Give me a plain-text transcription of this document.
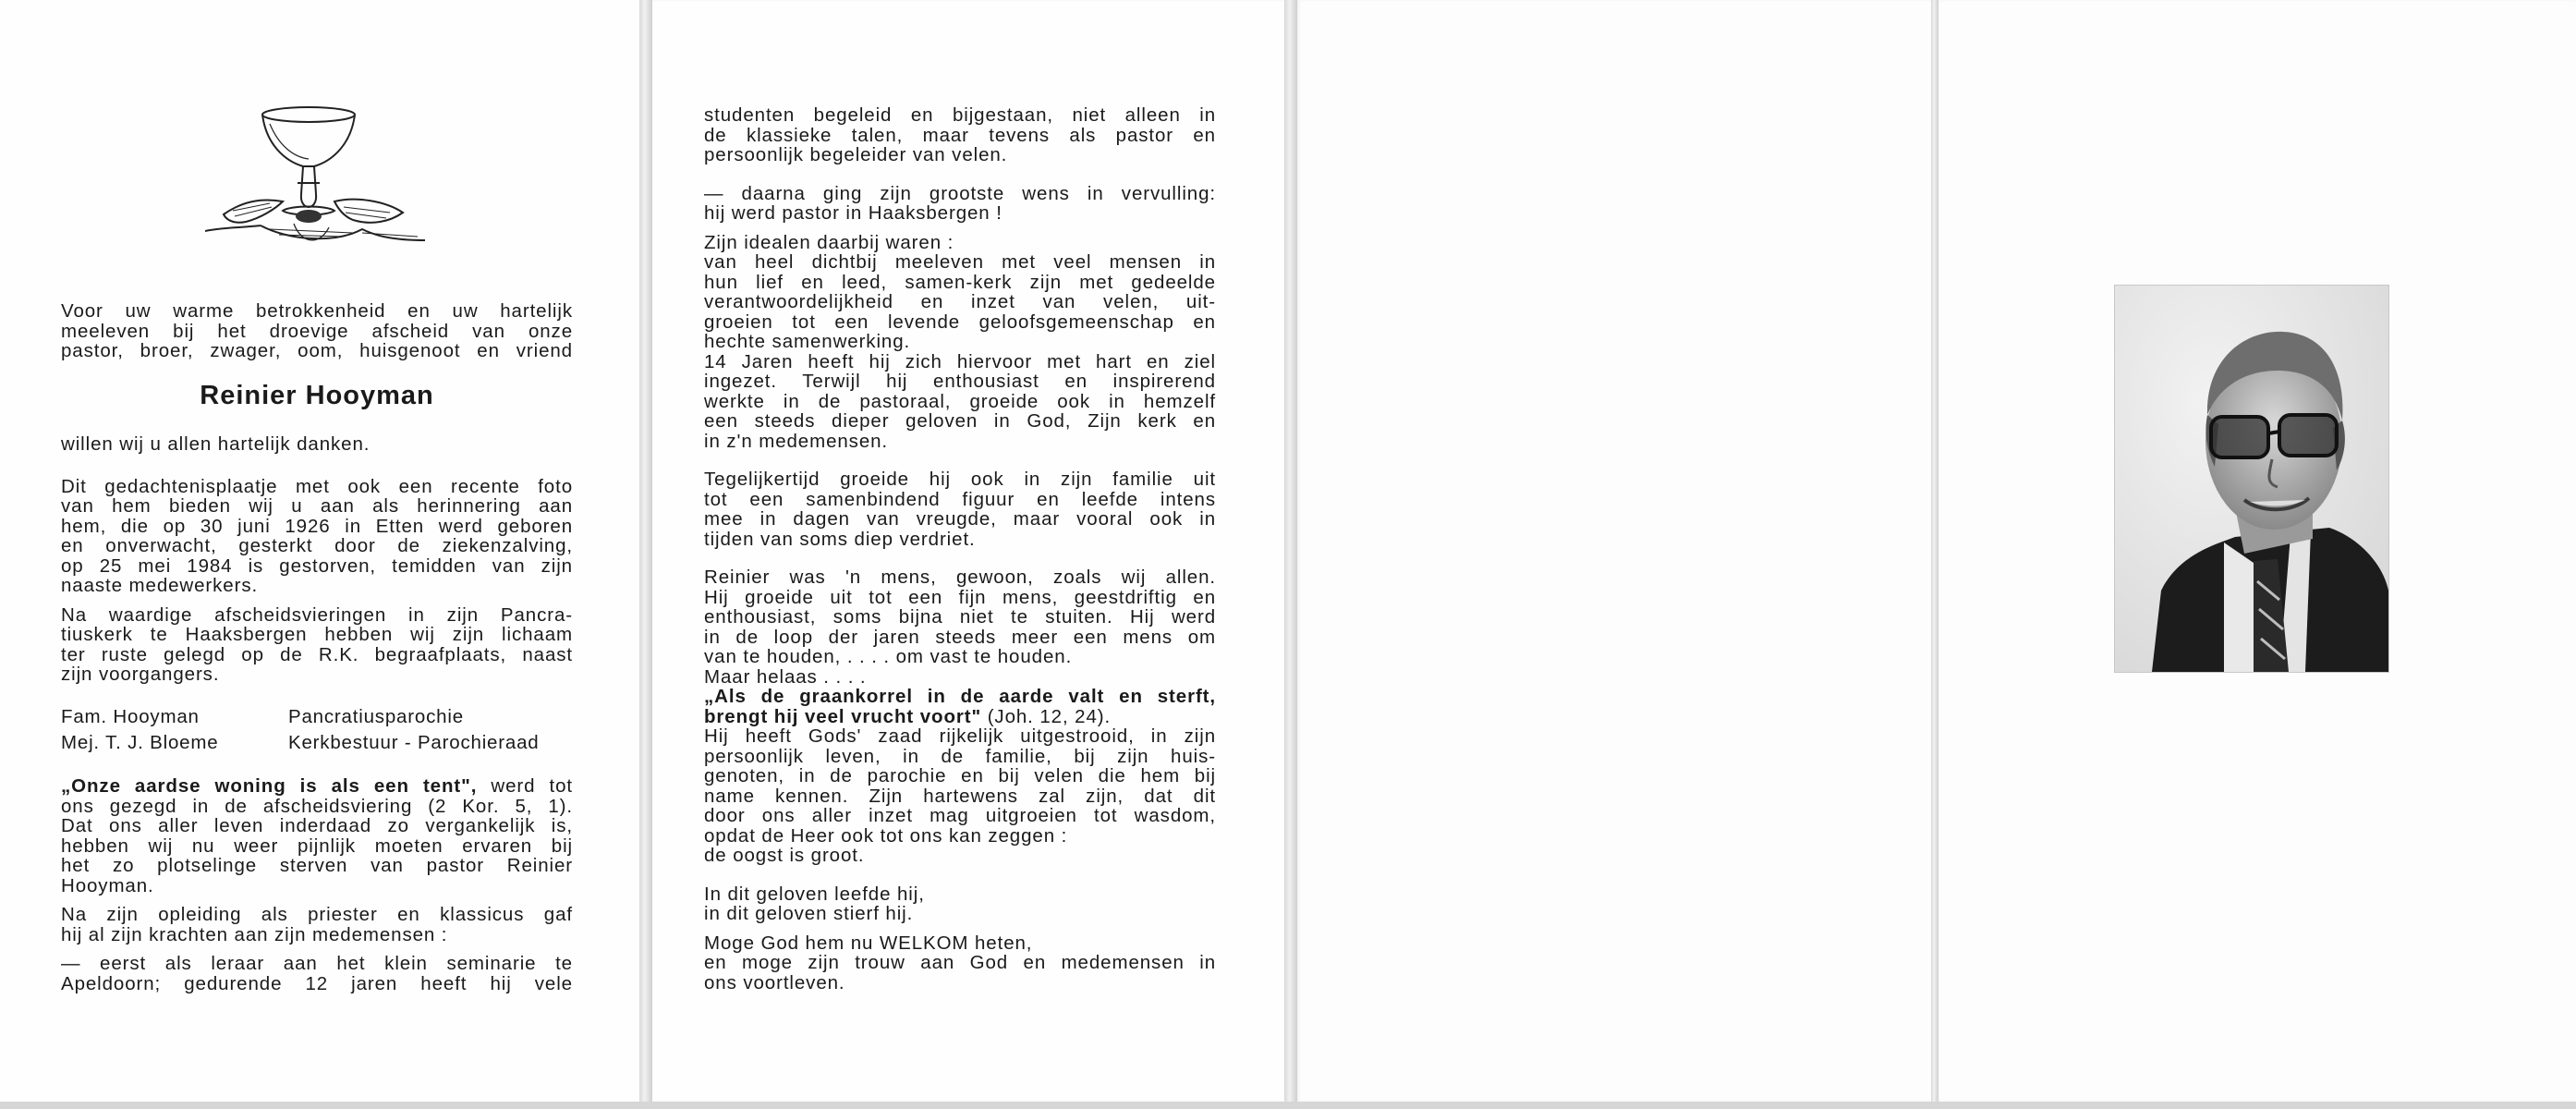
Voor uw warme betrokkenheid en uw hartelijk

meeleven bij het droevige afscheid van onze

pastor, broer, zwager, oom, huisgenoot en vriend

Reinier Hooyman

willen wij u allen hartelijk danken.

Dit gedachtenisplaatje met ook een recente foto

van hem bieden wij u aan als herinnering aan

hem, die op 30 juni 1926 in Etten werd geboren

en onverwacht, gesterkt door de ziekenzalving,

op 25 mei 1984 is gestorven, temidden van zijn

naaste medewerkers.

Na waardige afscheidsvieringen in zijn Pancra-

tiuskerk te Haaksbergen hebben wij zijn lichaam

ter ruste gelegd op de R.K. begraafplaats, naast

zijn voorgangers.

Fam. Hooyman	Pancratiusparochie
Mej. T. J. Bloeme	Kerkbestuur - Parochieraad

„Onze aardse woning is als een tent", werd tot

ons gezegd in de afscheidsviering (2 Kor. 5, 1).

Dat ons aller leven inderdaad zo vergankelijk is,

hebben wij nu weer pijnlijk moeten ervaren bij

het zo plotselinge sterven van pastor Reinier

Hooyman.

Na zijn opleiding als priester en klassicus gaf

hij al zijn krachten aan zijn medemensen :

— eerst als leraar aan het klein seminarie te

Apeldoorn; gedurende 12 jaren heeft hij vele

studenten begeleid en bijgestaan, niet alleen in

de klassieke talen, maar tevens als pastor en

persoonlijk begeleider van velen.

— daarna ging zijn grootste wens in vervulling:

hij werd pastor in Haaksbergen !

Zijn idealen daarbij waren :

van heel dichtbij meeleven met veel mensen in

hun lief en leed, samen-kerk zijn met gedeelde

verantwoordelijkheid en inzet van velen, uit-

groeien tot een levende geloofsgemeenschap en

hechte samenwerking.

14 Jaren heeft hij zich hiervoor met hart en ziel

ingezet. Terwijl hij enthousiast en inspirerend

werkte in de pastoraal, groeide ook in hemzelf

een steeds dieper geloven in God, Zijn kerk en

in z'n medemensen.

Tegelijkertijd groeide hij ook in zijn familie uit

tot een samenbindend figuur en leefde intens

mee in dagen van vreugde, maar vooral ook in

tijden van soms diep verdriet.

Reinier was 'n mens, gewoon, zoals wij allen.

Hij groeide uit tot een fijn mens, geestdriftig en

enthousiast, soms bijna niet te stuiten. Hij werd

in de loop der jaren steeds meer een mens om

van te houden, . . . . om vast te houden.

Maar helaas . . . .

„Als de graankorrel in de aarde valt en sterft,

brengt hij veel vrucht voort" (Joh. 12, 24).

Hij heeft Gods' zaad rijkelijk uitgestrooid, in zijn

persoonlijk leven, in de familie, bij zijn huis-

genoten, in de parochie en bij velen die hem bij

name kennen. Zijn hartewens zal zijn, dat dit

door ons aller inzet mag uitgroeien tot wasdom,

opdat de Heer ook tot ons kan zeggen :

de oogst is groot.

In dit geloven leefde hij,

in dit geloven stierf hij.

Moge God hem nu WELKOM heten,

en moge zijn trouw aan God en medemensen in

ons voortleven.
